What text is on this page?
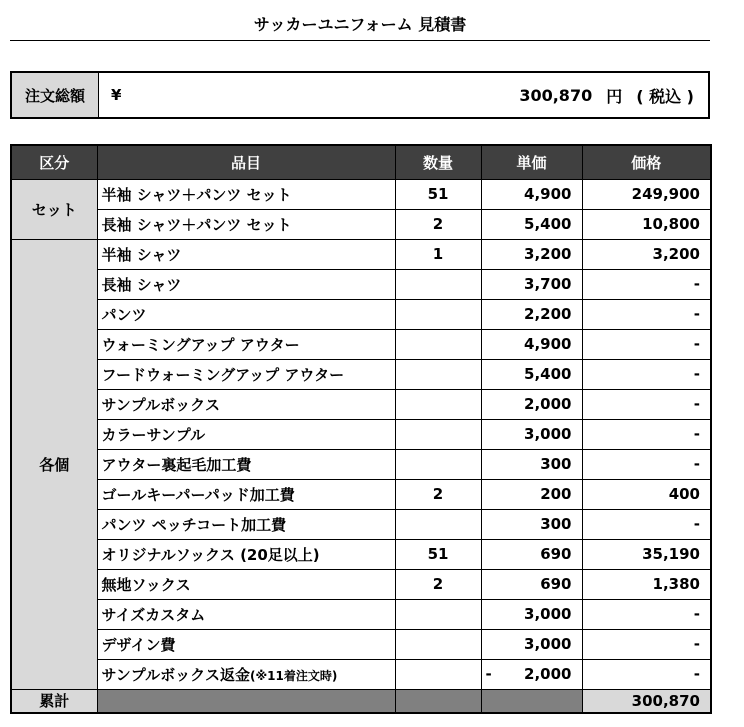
サッカーユニフォーム 見積書
注文総額	¥	300,870 円 ( 税込 )
区分	品目	数量	単価	価格
セット	半袖 シャツ＋パンツ セット	51	4,900	249,900
	長袖 シャツ＋パンツ セット	2	5,400	10,800
各個	半袖 シャツ	1	3,200	3,200
	長袖 シャツ		3,700	-
	パンツ		2,200	-
	ウォーミングアップ アウター		4,900	-
	フードウォーミングアップ アウター		5,400	-
	サンプルボックス		2,000	-
	カラーサンプル		3,000	-
	アウター裏起毛加工費		300	-
	ゴールキーパーパッド加工費	2	200	400
	パンツ ペッチコート加工費		300	-
	オリジナルソックス (20足以上)	51	690	35,190
	無地ソックス	2	690	1,380
	サイズカスタム		3,000	-
	デザイン費		3,000	-
	サンプルボックス返金(※11着注文時)		- 2,000	-
累計				300,870
